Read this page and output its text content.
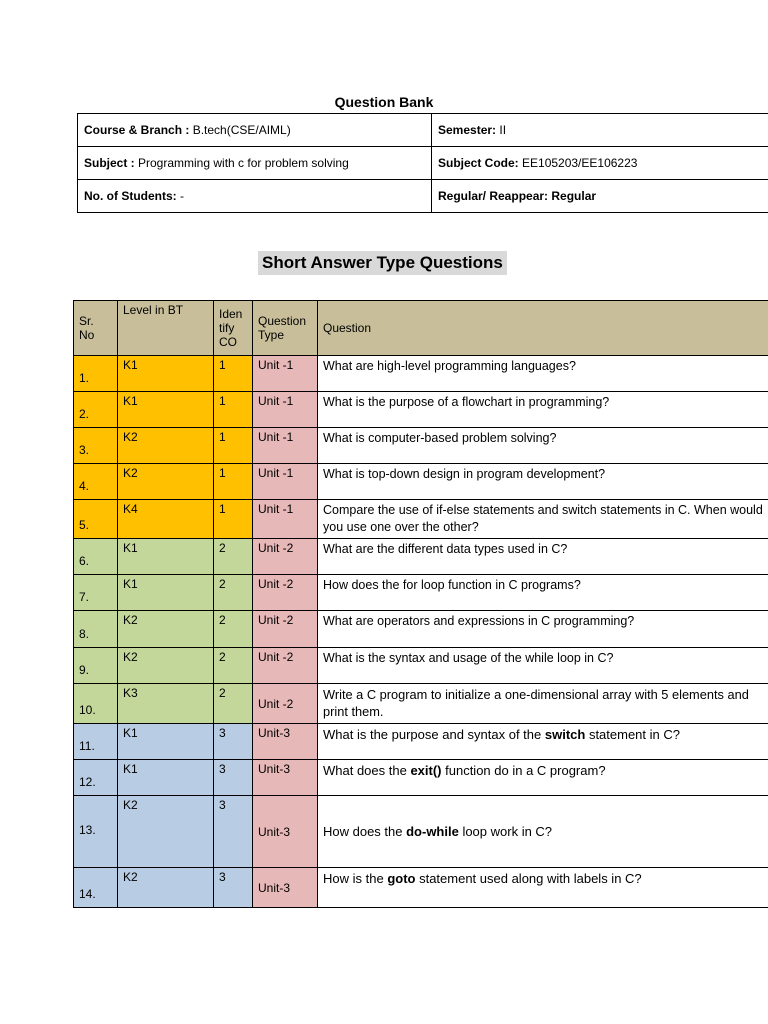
Question Bank
Course & Branch : B.tech(CSE/AIML)	Semester: II
Subject : Programming with c for problem solving	Subject Code: EE105203/EE106223
No. of Students: -	Regular/ Reappear: Regular
Short Answer Type Questions
Sr. No	Level in BT	Iden tify CO	Question Type	Question
1.	K1	1	Unit -1	What are high-level programming languages?
2.	K1	1	Unit -1	What is the purpose of a flowchart in programming?
3.	K2	1	Unit -1	What is computer-based problem solving?
4.	K2	1	Unit -1	What is top-down design in program development?
5.	K4	1	Unit -1	Compare the use of if-else statements and switch statements in C. When would you use one over the other?
6.	K1	2	Unit -2	What are the different data types used in C?
7.	K1	2	Unit -2	How does the for loop function in C programs?
8.	K2	2	Unit -2	What are operators and expressions in C programming?
9.	K2	2	Unit -2	What is the syntax and usage of the while loop in C?
10.	K3	2	Unit -2	Write a C program to initialize a one-dimensional array with 5 elements and print them.
11.	K1	3	Unit-3	What is the purpose and syntax of the switch statement in C?
12.	K1	3	Unit-3	What does the exit() function do in a C program?
13.	K2	3	Unit-3	How does the do-while loop work in C?
14.	K2	3	Unit-3	How is the goto statement used along with labels in C?
